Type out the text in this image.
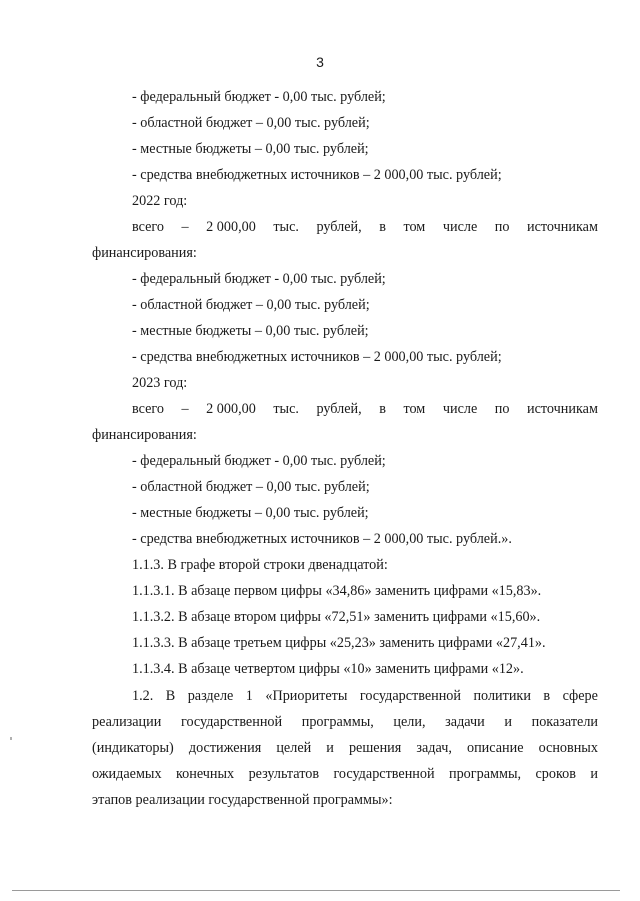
3
- федеральный бюджет - 0,00 тыс. рублей;
- областной бюджет – 0,00 тыс. рублей;
- местные бюджеты – 0,00 тыс. рублей;
- средства внебюджетных источников – 2 000,00 тыс. рублей;
2022 год:
всего – 2 000,00 тыс. рублей, в том числе по источникам
финансирования:
- федеральный бюджет - 0,00 тыс. рублей;
- областной бюджет – 0,00 тыс. рублей;
- местные бюджеты – 0,00 тыс. рублей;
- средства внебюджетных источников – 2 000,00 тыс. рублей;
2023 год:
всего – 2 000,00 тыс. рублей, в том числе по источникам
финансирования:
- федеральный бюджет - 0,00 тыс. рублей;
- областной бюджет – 0,00 тыс. рублей;
- местные бюджеты – 0,00 тыс. рублей;
- средства внебюджетных источников – 2 000,00 тыс. рублей.».
1.1.3. В графе второй строки двенадцатой:
1.1.3.1. В абзаце первом цифры «34,86» заменить цифрами «15,83».
1.1.3.2. В абзаце втором цифры «72,51» заменить цифрами «15,60».
1.1.3.3. В абзаце третьем цифры «25,23» заменить цифрами «27,41».
1.1.3.4. В абзаце четвертом цифры «10» заменить цифрами «12».
1.2. В разделе 1 «Приоритеты государственной политики в сфере
реализации государственной программы, цели, задачи и показатели
(индикаторы) достижения целей и решения задач, описание основных
ожидаемых конечных результатов государственной программы, сроков и
этапов реализации государственной программы»:
